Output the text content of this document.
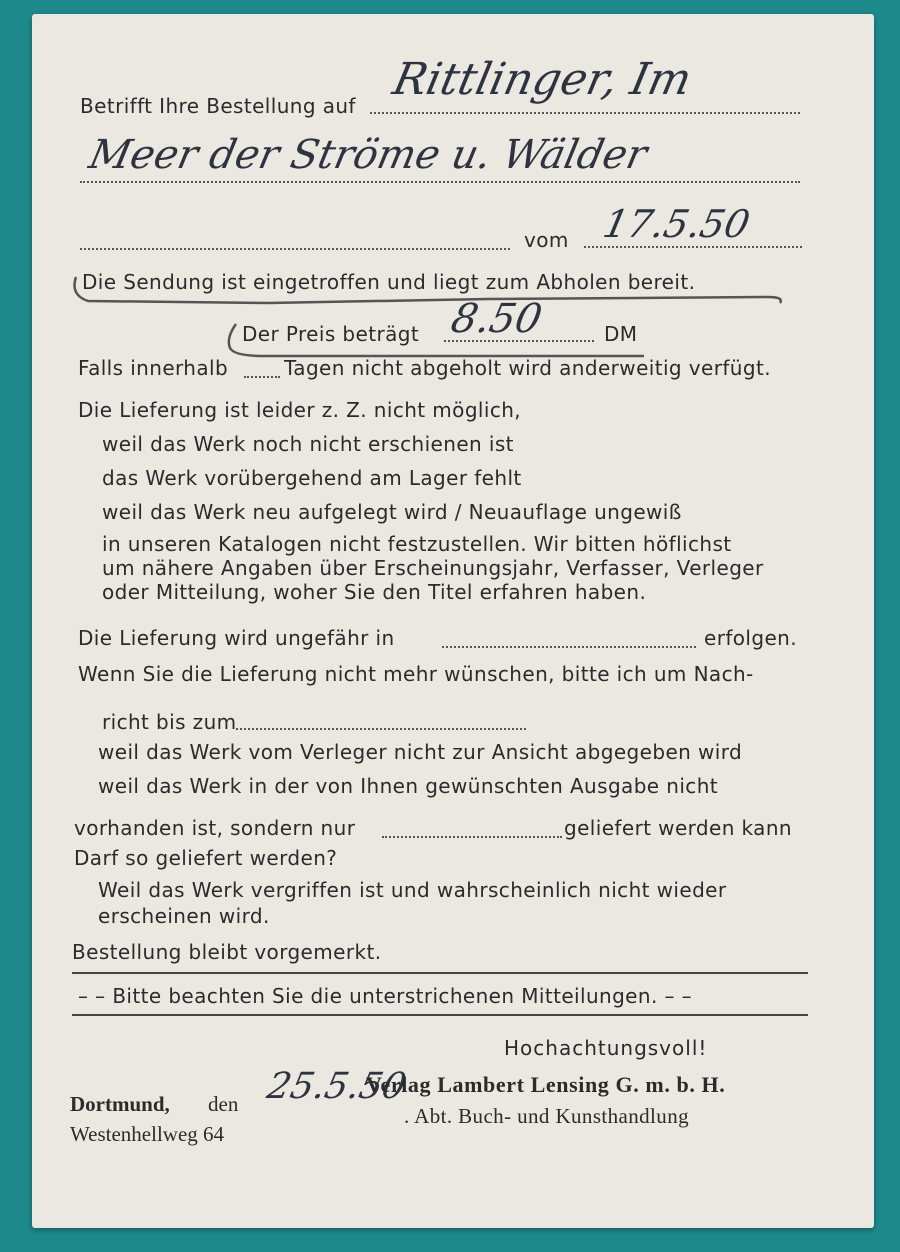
Betrifft Ihre Bestellung auf
Rittlinger, Im
Meer der Ströme u. Wälder
vom 17.5.50
Die Sendung ist eingetroffen und liegt zum Abholen bereit.
Der Preis beträgt 8.50	DM
Falls innerhalb	Tagen nicht abgeholt wird anderweitig verfügt.
Die Lieferung ist leider z. Z. nicht möglich,
weil das Werk noch nicht erschienen ist
das Werk vorübergehend am Lager fehlt
weil das Werk neu aufgelegt wird / Neuauflage ungewiß
in unseren Katalogen nicht festzustellen. Wir bitten höflichst
um nähere Angaben über Erscheinungsjahr, Verfasser, Verleger
oder Mitteilung, woher Sie den Titel erfahren haben.
Die Lieferung wird ungefähr in	erfolgen.
Wenn Sie die Lieferung nicht mehr wünschen, bitte ich um Nach-
richt bis zum
weil das Werk vom Verleger nicht zur Ansicht abgegeben wird
weil das Werk in der von Ihnen gewünschten Ausgabe nicht
vorhanden ist, sondern nur	geliefert werden kann
Darf so geliefert werden?
Weil das Werk vergriffen ist und wahrscheinlich nicht wieder
erscheinen wird.
Bestellung bleibt vorgemerkt.
– – Bitte beachten Sie die unterstrichenen Mitteilungen. – –
Hochachtungsvoll!
Dortmund, den 25.5.50
Westenhellweg 64
Verlag Lambert Lensing G. m. b. H.
. Abt. Buch- und Kunsthandlung
